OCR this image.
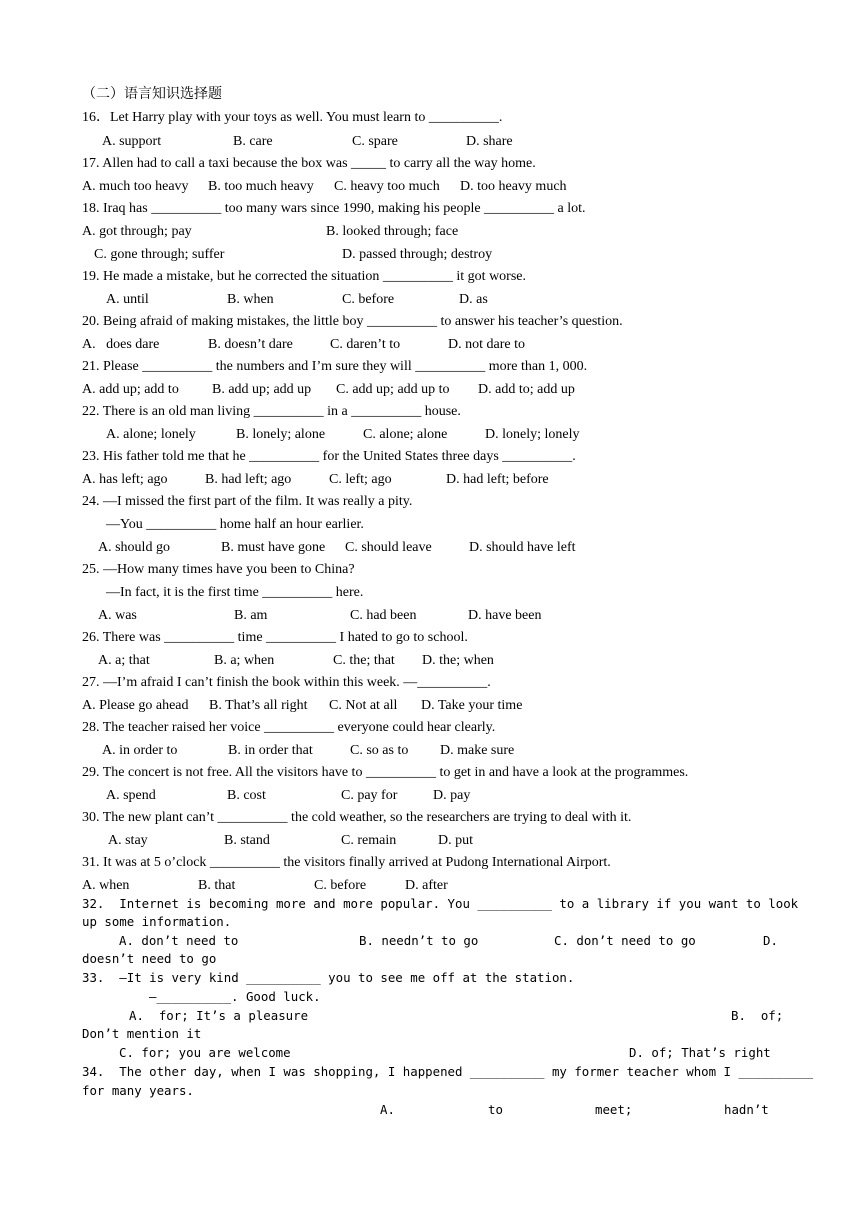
（二）语言知识选择题
16．Let Harry play with your toys as well. You must learn to __________.
A. support	B. care	C. spare	D. share
17. Allen had to call a taxi because the box was _____ to carry all the way home.
A. much too heavy B. too much heavy C. heavy too much D. too heavy much
18. Iraq has __________ too many wars since 1990, making his people __________ a lot.
A. got through; pay	B. looked through; face
C. gone through; suffer	D. passed through; destroy
19. He made a mistake, but he corrected the situation __________ it got worse.
A. until	B. when	C. before	D. as
20. Being afraid of making mistakes, the little boy __________ to answer his teacher’s question.
A.   does dare	B. doesn’t dare	C. daren’t to	D. not dare to
21. Please __________ the numbers and I’m sure they will __________ more than 1, 000.
A. add up; add to B. add up; add up C. add up; add up to D. add to; add up
22. There is an old man living __________ in a __________ house.
A. alone; lonely	B. lonely; alone	C. alone; alone	D. lonely; lonely
23. His father told me that he __________ for the United States three days __________.
A. has left; ago	B. had left; ago	C. left; ago	D. had left; before
24. —I missed the first part of the film. It was really a pity.
—You __________ home half an hour earlier.
A. should go	B. must have gone C. should leave	D. should have left
25. —How many times have you been to China?
—In fact, it is the first time __________ here.
A. was	B. am	C. had been	D. have been
26. There was __________ time __________ I hated to go to school.
A. a; that	B. a; when	C. the; that D. the; when
27. —I’m afraid I can’t finish the book within this week. —__________.
A. Please go ahead B. That’s all right C. Not at all D. Take your time
28. The teacher raised her voice __________ everyone could hear clearly.
A. in order to	B. in order that	C. so as to D. make sure
29. The concert is not free. All the visitors have to __________ to get in and have a look at the programmes.
A. spend	B. cost	C. pay for	D. pay
30. The new plant can’t __________ the cold weather, so the researchers are trying to deal with it.
A. stay	B. stand	C. remain	D. put
31. It was at 5 o’clock __________ the visitors finally arrived at Pudong International Airport.
A. when	B. that	C. before	D. after
32.  Internet is becoming more and more popular. You __________ to a library if you want to look
up some information.
A. don’t need to	B. needn’t to go	C. don’t need to go	D.
doesn’t need to go
33.  —It is very kind __________ you to see me off at the station.
—__________. Good luck.
A.  for; It’s a pleasure	B.  of;
Don’t mention it
C. for; you are welcome	D. of; That’s right
34.  The other day, when I was shopping, I happened __________ my former teacher whom I __________
for many years.
A.	to	meet;	hadn’t
